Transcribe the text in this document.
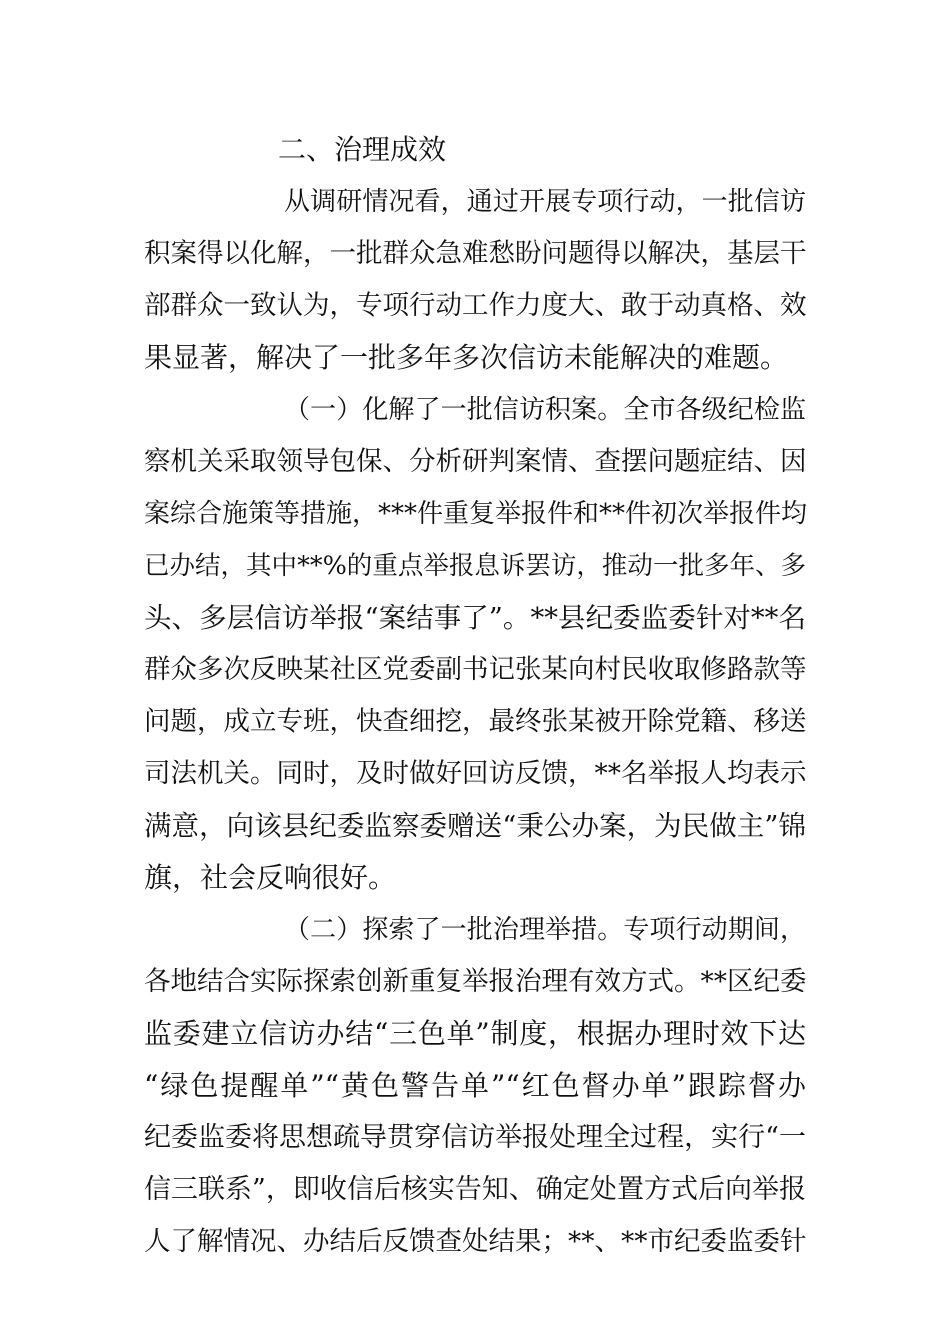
二、治理成效
从调研情况看，通过开展专项行动，一批信访
积案得以化解，一批群众急难愁盼问题得以解决，基层干
部群众一致认为，专项行动工作力度大、敢于动真格、效
果显著，解决了一批多年多次信访未能解决的难题。
（一）化解了一批信访积案。全市各级纪检监
察机关采取领导包保、分析研判案情、查摆问题症结、因
案综合施策等措施，***件重复举报件和**件初次举报件均
已办结，其中**%的重点举报息诉罢访，推动一批多年、多
头、多层信访举报“案结事了”。**县纪委监委针对**名
群众多次反映某社区党委副书记张某向村民收取修路款等
问题，成立专班，快查细挖，最终张某被开除党籍、移送
司法机关。同时，及时做好回访反馈，**名举报人均表示
满意，向该县纪委监察委赠送“秉公办案，为民做主”锦
旗，社会反响很好。
（二）探索了一批治理举措。专项行动期间，
各地结合实际探索创新重复举报治理有效方式。**区纪委
监委建立信访办结“三色单”制度，根据办理时效下达
“绿色提醒单”“黄色警告单”“红色督办单”跟踪督办
纪委监委将思想疏导贯穿信访举报处理全过程，实行“一
信三联系”，即收信后核实告知、确定处置方式后向举报
人了解情况、办结后反馈查处结果；**、**市纪委监委针
